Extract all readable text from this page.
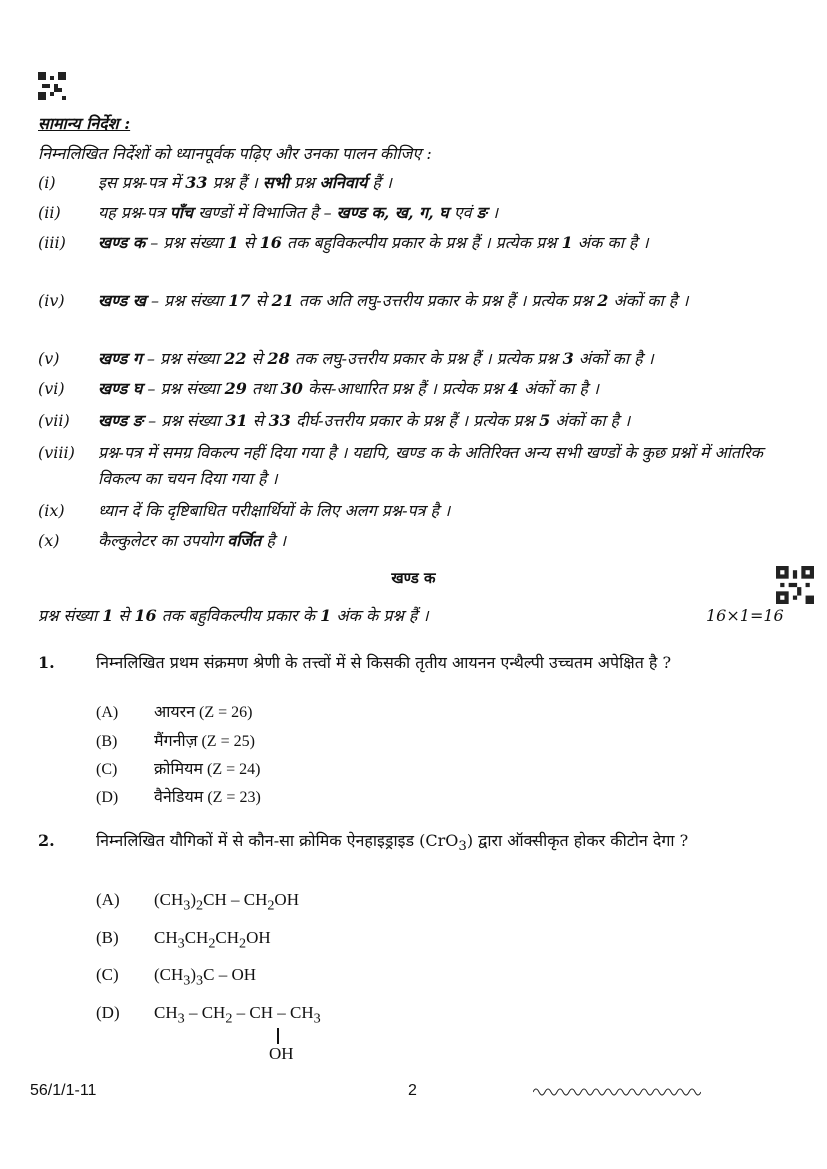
सामान्य निर्देश :
निम्नलिखित निर्देशों को ध्यानपूर्वक पढ़िए और उनका पालन कीजिए :
(i)	इस प्रश्न-पत्र में 33 प्रश्न हैं । सभी प्रश्न अनिवार्य हैं ।
(ii) यह प्रश्न-पत्र पाँच खण्डों में विभाजित है – खण्ड क, ख, ग, घ एवं ङ ।
(iii) खण्ड क – प्रश्न संख्या 1 से 16 तक बहुविकल्पीय प्रकार के प्रश्न हैं । प्रत्येक प्रश्न 1 अंक का है ।
(iv) खण्ड ख – प्रश्न संख्या 17 से 21 तक अति लघु-उत्तरीय प्रकार के प्रश्न हैं । प्रत्येक प्रश्न 2 अंकों का है ।
(v) खण्ड ग – प्रश्न संख्या 22 से 28 तक लघु-उत्तरीय प्रकार के प्रश्न हैं । प्रत्येक प्रश्न 3 अंकों का है ।
(vi) खण्ड घ – प्रश्न संख्या 29 तथा 30 केस-आधारित प्रश्न हैं । प्रत्येक प्रश्न 4 अंकों का है ।
(vii) खण्ड ङ – प्रश्न संख्या 31 से 33 दीर्घ-उत्तरीय प्रकार के प्रश्न हैं । प्रत्येक प्रश्न 5 अंकों का है ।
(viii) प्रश्न-पत्र में समग्र विकल्प नहीं दिया गया है । यद्यपि, खण्ड क के अतिरिक्त अन्य सभी खण्डों के कुछ प्रश्नों में आंतरिक विकल्प का चयन दिया गया है ।
(ix) ध्यान दें कि दृष्टिबाधित परीक्षार्थियों के लिए अलग प्रश्न-पत्र है ।
(x) कैल्कुलेटर का उपयोग वर्जित है ।
खण्ड क
प्रश्न संख्या 1 से 16 तक बहुविकल्पीय प्रकार के 1 अंक के प्रश्न हैं ।	16×1=16
1.	निम्नलिखित प्रथम संक्रमण श्रेणी के तत्त्वों में से किसकी तृतीय आयनन एन्थैल्पी उच्चतम अपेक्षित है ?
(A) आयरन (Z = 26)
(B) मैंगनीज़ (Z = 25)
(C) क्रोमियम (Z = 24)
(D) वैनेडियम (Z = 23)
2.	निम्नलिखित यौगिकों में से कौन-सा क्रोमिक ऐनहाइड्राइड (CrO$_3$) द्वारा ऑक्सीकृत होकर कीटोन देगा ?
(A) $(CH_3)_2CH - CH_2OH$
(B) $CH_3CH_2CH_2OH$
(C) $(CH_3)_3C$ – OH
(D) $CH_3 - CH_2$ – CH – $CH_3$
OH
56/1/1-11	2
